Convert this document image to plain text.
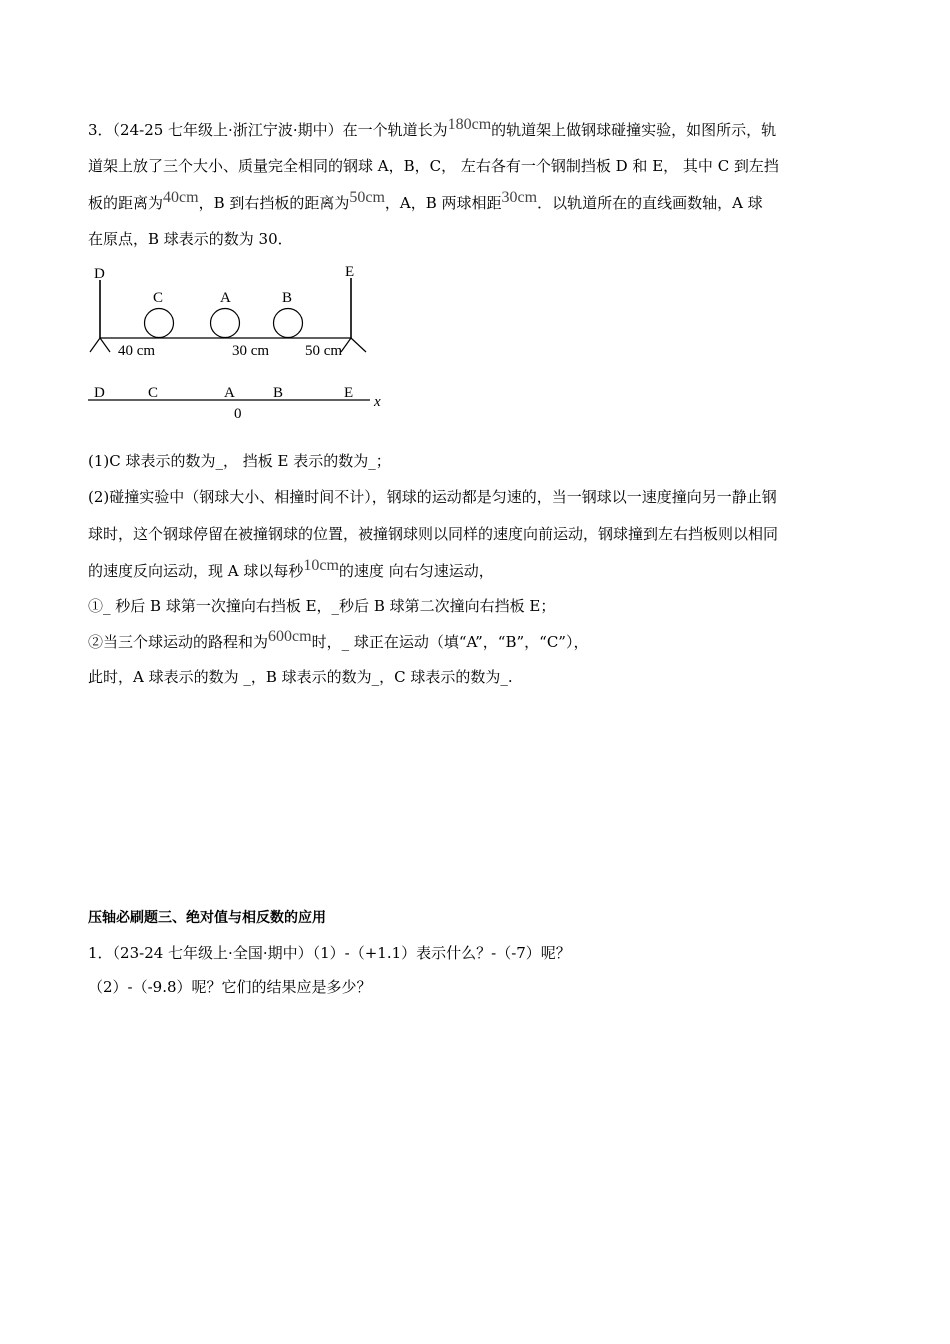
3．（24-25 七年级上·浙江宁波·期中）在一个轨道长为180cm的轨道架上做钢球碰撞实验，如图所示，轨
道架上放了三个大小、质量完全相同的钢球 A，B，C， 左右各有一个钢制挡板 D 和 E， 其中 C 到左挡
板的距离为40cm，B 到右挡板的距离为50cm，A，B 两球相距30cm．以轨道所在的直线画数轴，A 球
在原点，B 球表示的数为 30．
D	E
C	A	B
40 cm	30 cm 50 cm
D	C	A	B	E
x
0
(1)C 球表示的数为_， 挡板 E 表示的数为_；
(2)碰撞实验中（钢球大小、相撞时间不计），钢球的运动都是匀速的，当一钢球以一速度撞向另一静止钢
球时，这个钢球停留在被撞钢球的位置，被撞钢球则以同样的速度向前运动，钢球撞到左右挡板则以相同
的速度反向运动，现 A 球以每秒10cm的速度 向右匀速运动，
①_ 秒后 B 球第一次撞向右挡板 E，_秒后 B 球第二次撞向右挡板 E；
②当三个球运动的路程和为600cm时，_ 球正在运动（填“A”，“B”，“C”），
此时，A 球表示的数为 _，B 球表示的数为_，C 球表示的数为_.
压轴必刷题三、绝对值与相反数的应用
1．（23-24 七年级上·全国·期中）（1）-（+1.1）表示什么？-（-7）呢？
（2）-（-9.8）呢？它们的结果应是多少？
